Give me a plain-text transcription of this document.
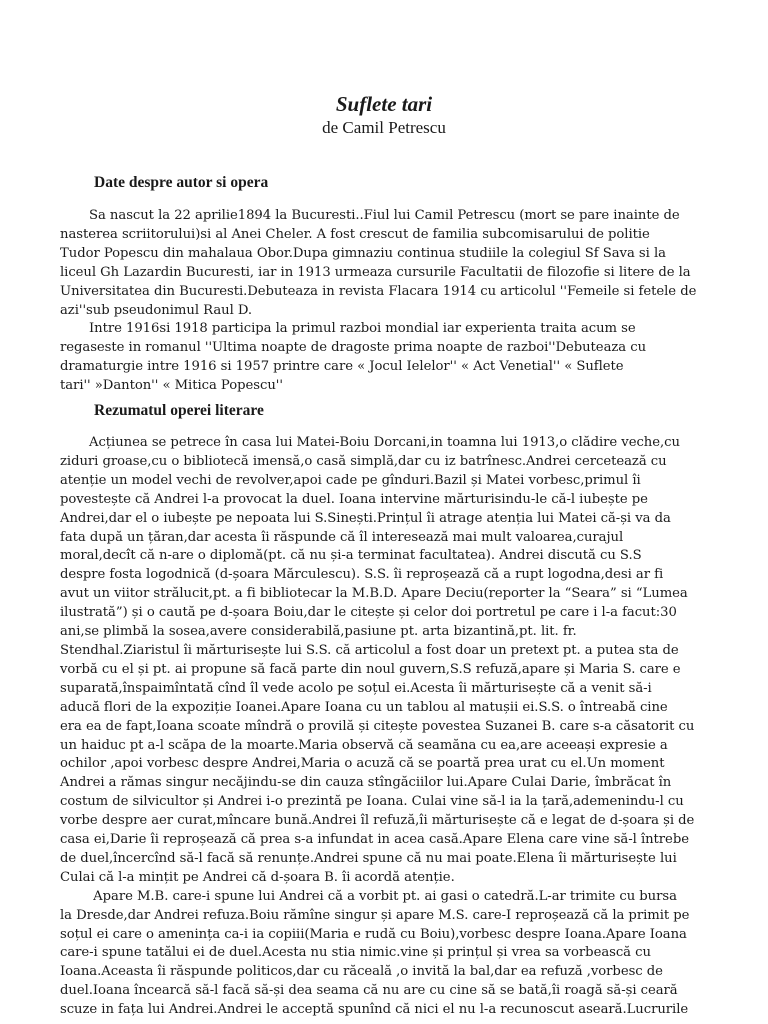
Suflete tari
de Camil Petrescu
Date despre autor si opera
Sa nascut la 22 aprilie1894 la Bucuresti..Fiul lui Camil Petrescu (mort se pare inainte de
nasterea scriitorului)si al Anei Cheler. A fost crescut de familia subcomisarului de politie
Tudor Popescu din mahalaua Obor.Dupa gimnaziu continua studiile la colegiul Sf Sava si la
liceul Gh Lazardin Bucuresti, iar in 1913 urmeaza cursurile Facultatii de filozofie si litere de la
Universitatea din Bucuresti.Debuteaza in revista Flacara 1914 cu articolul ''Femeile si fetele de
azi''sub pseudonimul Raul D.
Intre 1916si 1918 participa la primul razboi mondial iar experienta traita acum se
regaseste in romanul ''Ultima noapte de dragoste prima noapte de razboi''Debuteaza cu
dramaturgie intre 1916 si 1957 printre care « Jocul Ielelor'' « Act Venetial'' « Suflete
tari'' »Danton'' « Mitica Popescu''
Rezumatul operei literare
Acțiunea se petrece în casa lui Matei-Boiu Dorcani,in toamna lui 1913,o clădire veche,cu
ziduri groase,cu o bibliotecă imensă,o casă simplă,dar cu iz batrînesc.Andrei cercetează cu
atenție un model vechi de revolver,apoi cade pe gînduri.Bazil și Matei vorbesc,primul îi
povestește că Andrei l-a provocat la duel. Ioana intervine mărturisindu-le că-l iubește pe
Andrei,dar el o iubește pe nepoata lui S.Sinești.Prințul îi atrage atenția lui Matei că-și va da
fata după un țăran,dar acesta îi răspunde că îl interesează mai mult valoarea,curajul
moral,decît că n-are o diplomă(pt. că nu și-a terminat facultatea). Andrei discută cu S.S
despre fosta logodnică (d-șoara Mărculescu). S.S. îi reproșează că a rupt logodna,desi ar fi
avut un viitor strălucit,pt. a fi bibliotecar la M.B.D. Apare Deciu(reporter la “Seara” si “Lumea
ilustrată”) și o caută pe d-șoara Boiu,dar le citește și celor doi portretul pe care i l-a facut:30
ani,se plimbă la sosea,avere considerabilă,pasiune pt. arta bizantină,pt. lit. fr.
Stendhal.Ziaristul îi mărturisește lui S.S. că articolul a fost doar un pretext pt. a putea sta de
vorbă cu el și pt. ai propune să facă parte din noul guvern,S.S refuză,apare și Maria S. care e
suparată,înspaimîntată cînd îl vede acolo pe soțul ei.Acesta îi mărturisește că a venit să-i
aducă flori de la expoziție Ioanei.Apare Ioana cu un tablou al matușii ei.S.S. o întreabă cine
era ea de fapt,Ioana scoate mîndră o provilă și citește povestea Suzanei B. care s-a căsatorit cu
un haiduc pt a-l scăpa de la moarte.Maria observă că seamăna cu ea,are aceeași expresie a
ochilor ,apoi vorbesc despre Andrei,Maria o acuză că se poartă prea urat cu el.Un moment
Andrei a rămas singur necăjindu-se din cauza stîngăciilor lui.Apare Culai Darie, îmbrăcat în
costum de silvicultor și Andrei i-o prezintă pe Ioana. Culai vine să-l ia la țară,ademenindu-l cu
vorbe despre aer curat,mîncare bună.Andrei îl refuză,îi mărturisește că e legat de d-șoara și de
casa ei,Darie îi reproșează că prea s-a infundat in acea casă.Apare Elena care vine să-l întrebe
de duel,încercînd să-l facă să renunțe.Andrei spune că nu mai poate.Elena îi mărturisește lui
Culai că l-a mințit pe Andrei că d-șoara B. îi acordă atenție.
Apare M.B. care-i spune lui Andrei că a vorbit pt. ai gasi o catedră.L-ar trimite cu bursa
la Dresde,dar Andrei refuza.Boiu rămîne singur și apare M.S. care-I reproșează că la primit pe
soțul ei care o amenința ca-i ia copiii(Maria e rudă cu Boiu),vorbesc despre Ioana.Apare Ioana
care-i spune tatălui ei de duel.Acesta nu stia nimic.vine și prințul și vrea sa vorbească cu
Ioana.Aceasta îi răspunde politicos,dar cu răceală ,o invită la bal,dar ea refuză ,vorbesc de
duel.Ioana încearcă să-l facă să-și dea seama că nu are cu cine să se bată,îi roagă să-și ceară
scuze in fața lui Andrei.Andrei le acceptă spunînd că nici el nu l-a recunoscut aseară.Lucrurile
